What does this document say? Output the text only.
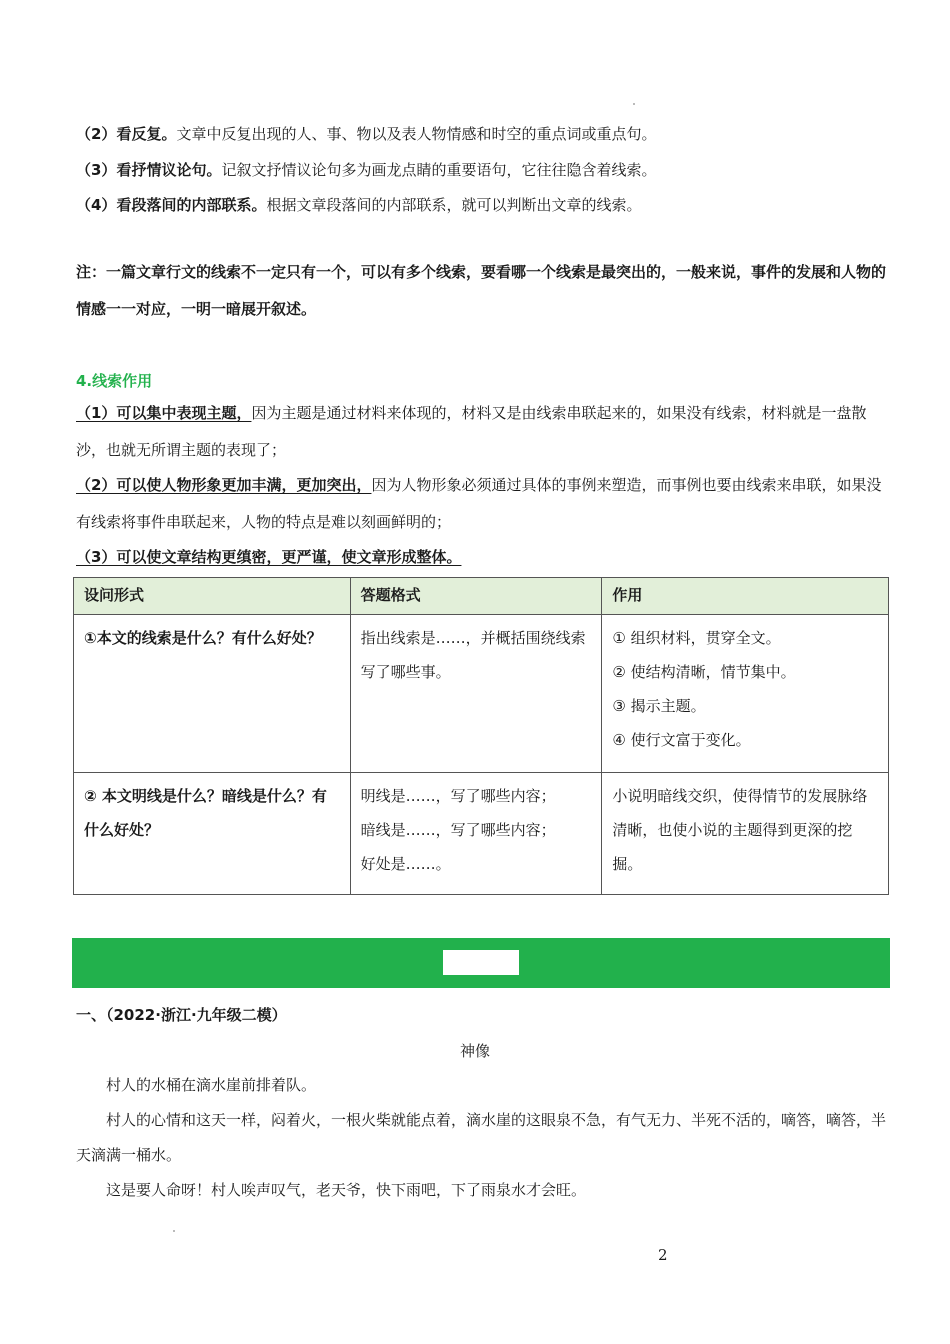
（2）看反复。文章中反复出现的人、事、物以及表人物情感和时空的重点词或重点句。
（3）看抒情议论句。记叙文抒情议论句多为画龙点睛的重要语句，它往往隐含着线索。
（4）看段落间的内部联系。根据文章段落间的内部联系，就可以判断出文章的线索。
注：一篇文章行文的线索不一定只有一个，可以有多个线索，要看哪一个线索是最突出的，一般来说，事件的发展和人物的情感一一对应，一明一暗展开叙述。
4.线索作用
（1）可以集中表现主题，因为主题是通过材料来体现的，材料又是由线索串联起来的，如果没有线索，材料就是一盘散沙，也就无所谓主题的表现了；
（2）可以使人物形象更加丰满，更加突出，因为人物形象必须通过具体的事例来塑造，而事例也要由线索来串联，如果没有线索将事件串联起来，人物的特点是难以刻画鲜明的；
（3）可以使文章结构更缜密，更严谨，使文章形成整体。
设问形式	答题格式	作用
①本文的线索是什么？有什么好处？	指出线索是……，并概括围绕线索写了哪些事。	① 组织材料，贯穿全文。
② 使结构清晰，情节集中。
③ 揭示主题。
④ 使行文富于变化。

② 本文明线是什么？暗线是什么？有什么好处？	明线是……，写了哪些内容；
暗线是……，写了哪些内容；
好处是……。	小说明暗线交织，使得情节的发展脉络清晰，也使小说的主题得到更深的挖掘。
一、（2022·浙江·九年级二模）
神像
村人的水桶在滴水崖前排着队。
村人的心情和这天一样，闷着火，一根火柴就能点着，滴水崖的这眼泉不急，有气无力、半死不活的，嘀答，嘀答，半天滴满一桶水。
这是要人命呀！村人唉声叹气，老天爷，快下雨吧，下了雨泉水才会旺。
2
